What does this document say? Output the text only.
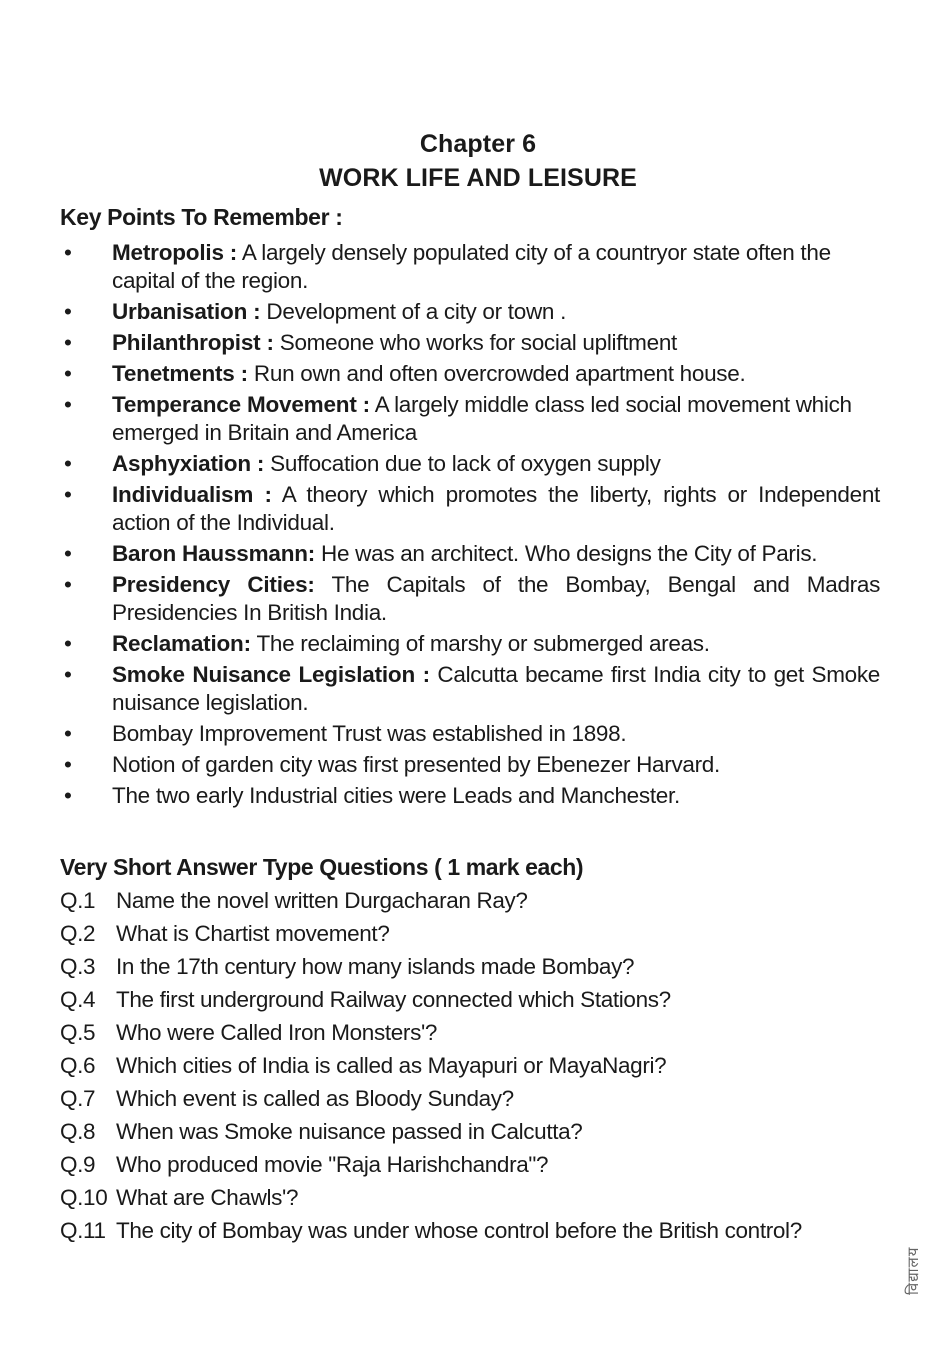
Chapter 6
WORK LIFE AND LEISURE
Key Points To Remember :
• Metropolis : A largely densely populated city of a countryor state often the capital of the region.
• Urbanisation : Development of a city or town .
• Philanthropist : Someone who works for social upliftment
• Tenetments : Run own and often overcrowded apartment house.
• Temperance Movement : A largely middle class led social movement which emerged in Britain and America
• Asphyxiation : Suffocation due to lack of oxygen supply
• Individualism : A theory which promotes the liberty, rights or Independent action of the Individual.
• Baron Haussmann: He was an architect. Who designs the City of Paris.
• Presidency Cities: The Capitals of the Bombay, Bengal and Madras Presidencies In British India.
• Reclamation: The reclaiming of marshy or submerged areas.
• Smoke Nuisance Legislation : Calcutta became first India city to get Smoke nuisance legislation.
• Bombay Improvement Trust was established in 1898.
• Notion of garden city was first presented by Ebenezer Harvard.
• The two early Industrial cities were Leads and Manchester.
Very Short Answer Type Questions ( 1 mark each)
Q.1 Name the novel written Durgacharan Ray?
Q.2 What is Chartist movement?
Q.3 In the 17th century how many islands made Bombay?
Q.4 The first underground Railway connected which Stations?
Q.5 Who were Called Iron Monsters'?
Q.6 Which cities of India is called as Mayapuri or MayaNagri?
Q.7 Which event is called as Bloody Sunday?
Q.8 When was Smoke nuisance passed in Calcutta?
Q.9 Who produced movie "Raja Harishchandra"?
Q.10 What are Chawls'?
Q.11 The city of Bombay was under whose control before the British control?
विद्यालय
